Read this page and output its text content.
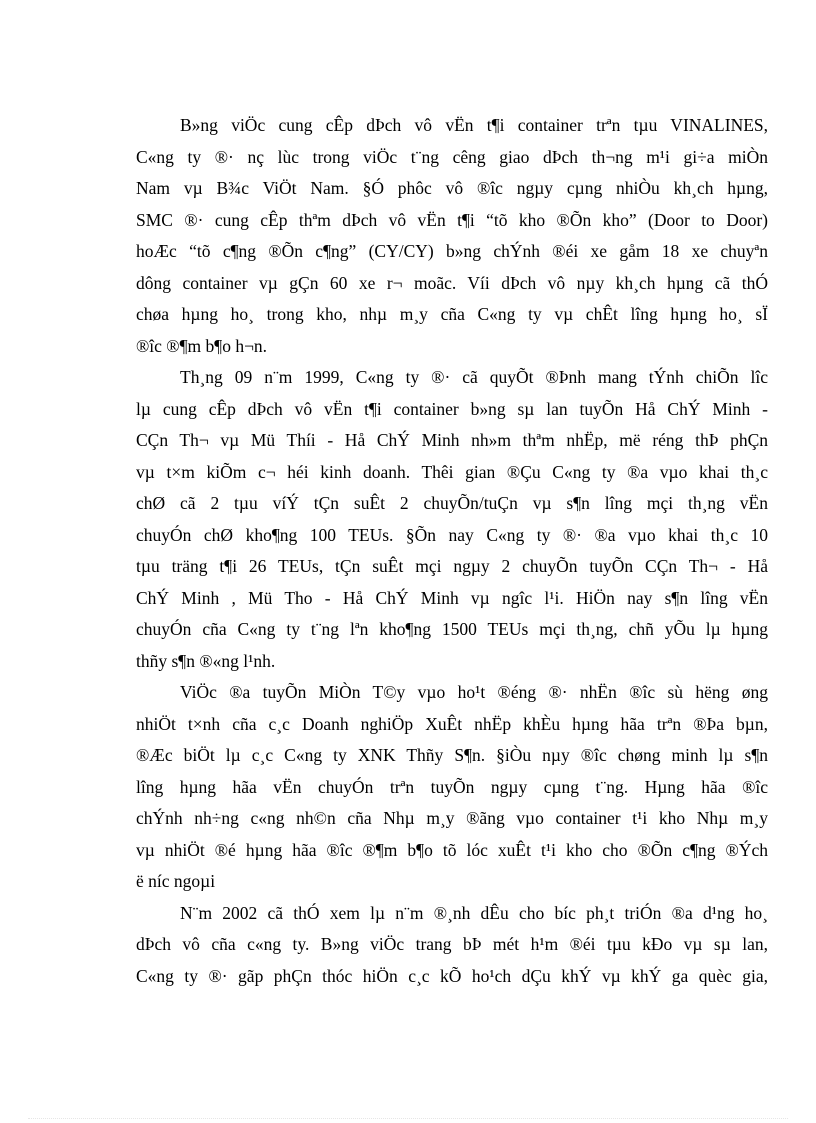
B»ng viÖc cung cÊp dÞch vô vËn t¶i container trªn tµu VINALINES,
C«ng ty ®· nç lùc trong viÖc t¨ng cêng giao dÞch th¬ng m¹i gi÷a miÒn
Nam vµ B¾c ViÖt Nam. §Ó phôc vô ®îc ngµy cµng nhiÒu kh¸ch hµng,
SMC ®· cung cÊp thªm dÞch vô vËn t¶i “tõ kho ®Õn kho” (Door to Door)
hoÆc “tõ c¶ng ®Õn c¶ng” (CY/CY) b»ng chÝnh ®éi xe gåm 18 xe chuyªn
dông container vµ gÇn 60 xe r¬ moãc. Víi dÞch vô nµy kh¸ch hµng cã thÓ
chøa hµng ho¸ trong kho, nhµ m¸y cña C«ng ty vµ chÊt lîng hµng ho¸ sÏ
®îc ®¶m b¶o h¬n.
Th¸ng 09 n¨m 1999, C«ng ty ®· cã quyÕt ®Þnh mang tÝnh chiÕn lîc
lµ cung cÊp dÞch vô vËn t¶i container b»ng sµ lan tuyÕn Hå ChÝ Minh -
CÇn Th¬ vµ Mü Thíi - Hå ChÝ Minh nh»m thªm nhËp, më réng thÞ phÇn
vµ t×m kiÕm c¬ héi kinh doanh. Thêi gian ®Çu C«ng ty ®a vµo khai th¸c
chØ cã 2 tµu víÝ tÇn suÊt 2 chuyÕn/tuÇn vµ s¶n lîng mçi th¸ng vËn
chuyÓn chØ kho¶ng 100 TEUs. §Õn nay C«ng ty ®· ®a vµo khai th¸c 10
tµu träng t¶i 26 TEUs, tÇn suÊt mçi ngµy 2 chuyÕn tuyÕn CÇn Th¬ - Hå
ChÝ Minh , Mü Tho - Hå ChÝ Minh vµ ngîc l¹i. HiÖn nay s¶n lîng vËn
chuyÓn cña C«ng ty t¨ng lªn kho¶ng 1500 TEUs mçi th¸ng, chñ yÕu lµ hµng
thñy s¶n ®«ng l¹nh.
ViÖc ®a tuyÕn MiÒn T©y vµo ho¹t ®éng ®· nhËn ®îc sù hëng øng
nhiÖt t×nh cña c¸c Doanh nghiÖp XuÊt nhËp khÈu hµng hãa trªn ®Þa bµn,
®Æc biÖt lµ c¸c C«ng ty XNK Thñy S¶n. §iÒu nµy ®îc chøng minh lµ s¶n
lîng hµng hãa vËn chuyÓn trªn tuyÕn ngµy cµng t¨ng. Hµng hãa ®îc
chÝnh nh÷ng c«ng nh©n cña Nhµ m¸y ®ãng vµo container t¹i kho Nhµ m¸y
vµ nhiÖt ®é hµng hãa ®îc ®¶m b¶o tõ lóc xuÊt t¹i kho cho ®Õn c¶ng ®Ých
ë níc ngoµi
N¨m 2002 cã thÓ xem lµ n¨m ®¸nh dÊu cho bíc ph¸t triÓn ®a d¹ng ho¸
dÞch vô cña c«ng ty. B»ng viÖc trang bÞ mét h¹m ®éi tµu kÐo vµ sµ lan,
C«ng ty ®· gãp phÇn thóc hiÖn c¸c kÕ ho¹ch dÇu khÝ vµ khÝ ga quèc gia,
